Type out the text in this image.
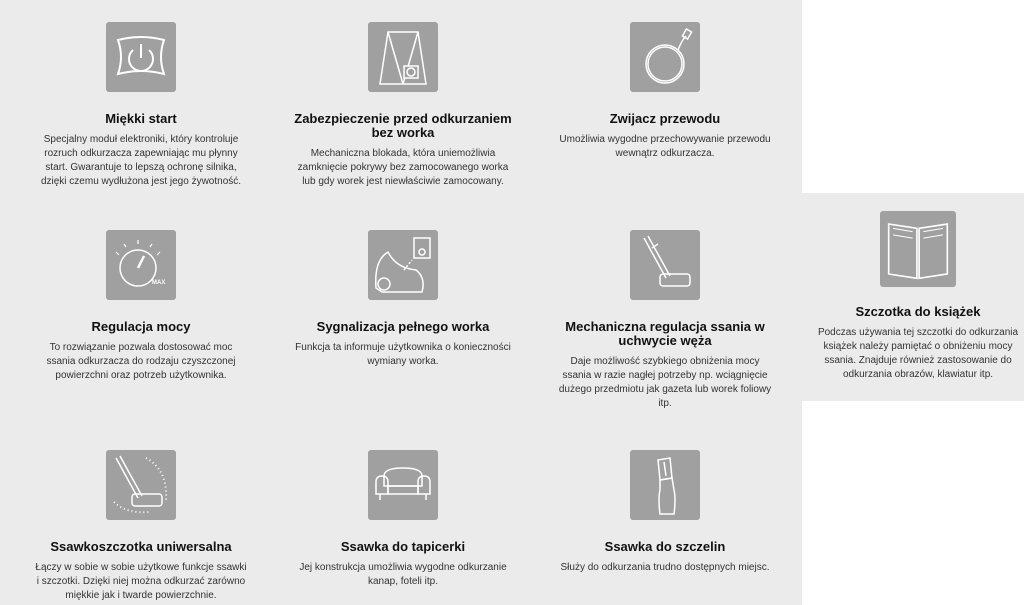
Miękki start
Specjalny moduł elektroniki, który kontroluje rozruch odkurzacza zapewniając mu płynny start. Gwarantuje to lepszą ochronę silnika, dzięki czemu wydłużona jest jego żywotność.
Zabezpieczenie przed odkurzaniem bez worka
Mechaniczna blokada, która uniemożliwia zamknięcie pokrywy bez zamocowanego worka lub gdy worek jest niewłaściwie zamocowany.
Zwijacz przewodu
Umożliwia wygodne przechowywanie przewodu wewnątrz odkurzacza.
MAX
Regulacja mocy
To rozwiązanie pozwala dostosować moc ssania odkurzacza do rodzaju czyszczonej powierzchni oraz potrzeb użytkownika.
Sygnalizacja pełnego worka
Funkcja ta informuje użytkownika o konieczności wymiany worka.
Mechaniczna regulacja ssania w uchwycie węża
Daje możliwość szybkiego obniżenia mocy ssania w razie nagłej potrzeby np. wciągnięcie dużego przedmiotu jak gazeta lub worek foliowy itp.
Szczotka do książek
Podczas używania tej szczotki do odkurzania książek należy pamiętać o obniżeniu mocy ssania. Znajduje również zastosowanie do odkurzania obrazów, klawiatur itp.
Ssawkoszczotka uniwersalna
Łączy w sobie w sobie użytkowe funkcje ssawki i szczotki. Dzięki niej można odkurzać zarówno miękkie jak i twarde powierzchnie.
Ssawka do tapicerki
Jej konstrukcja umożliwia wygodne odkurzanie kanap, foteli itp.
Ssawka do szczelin
Służy do odkurzania trudno dostępnych miejsc.
